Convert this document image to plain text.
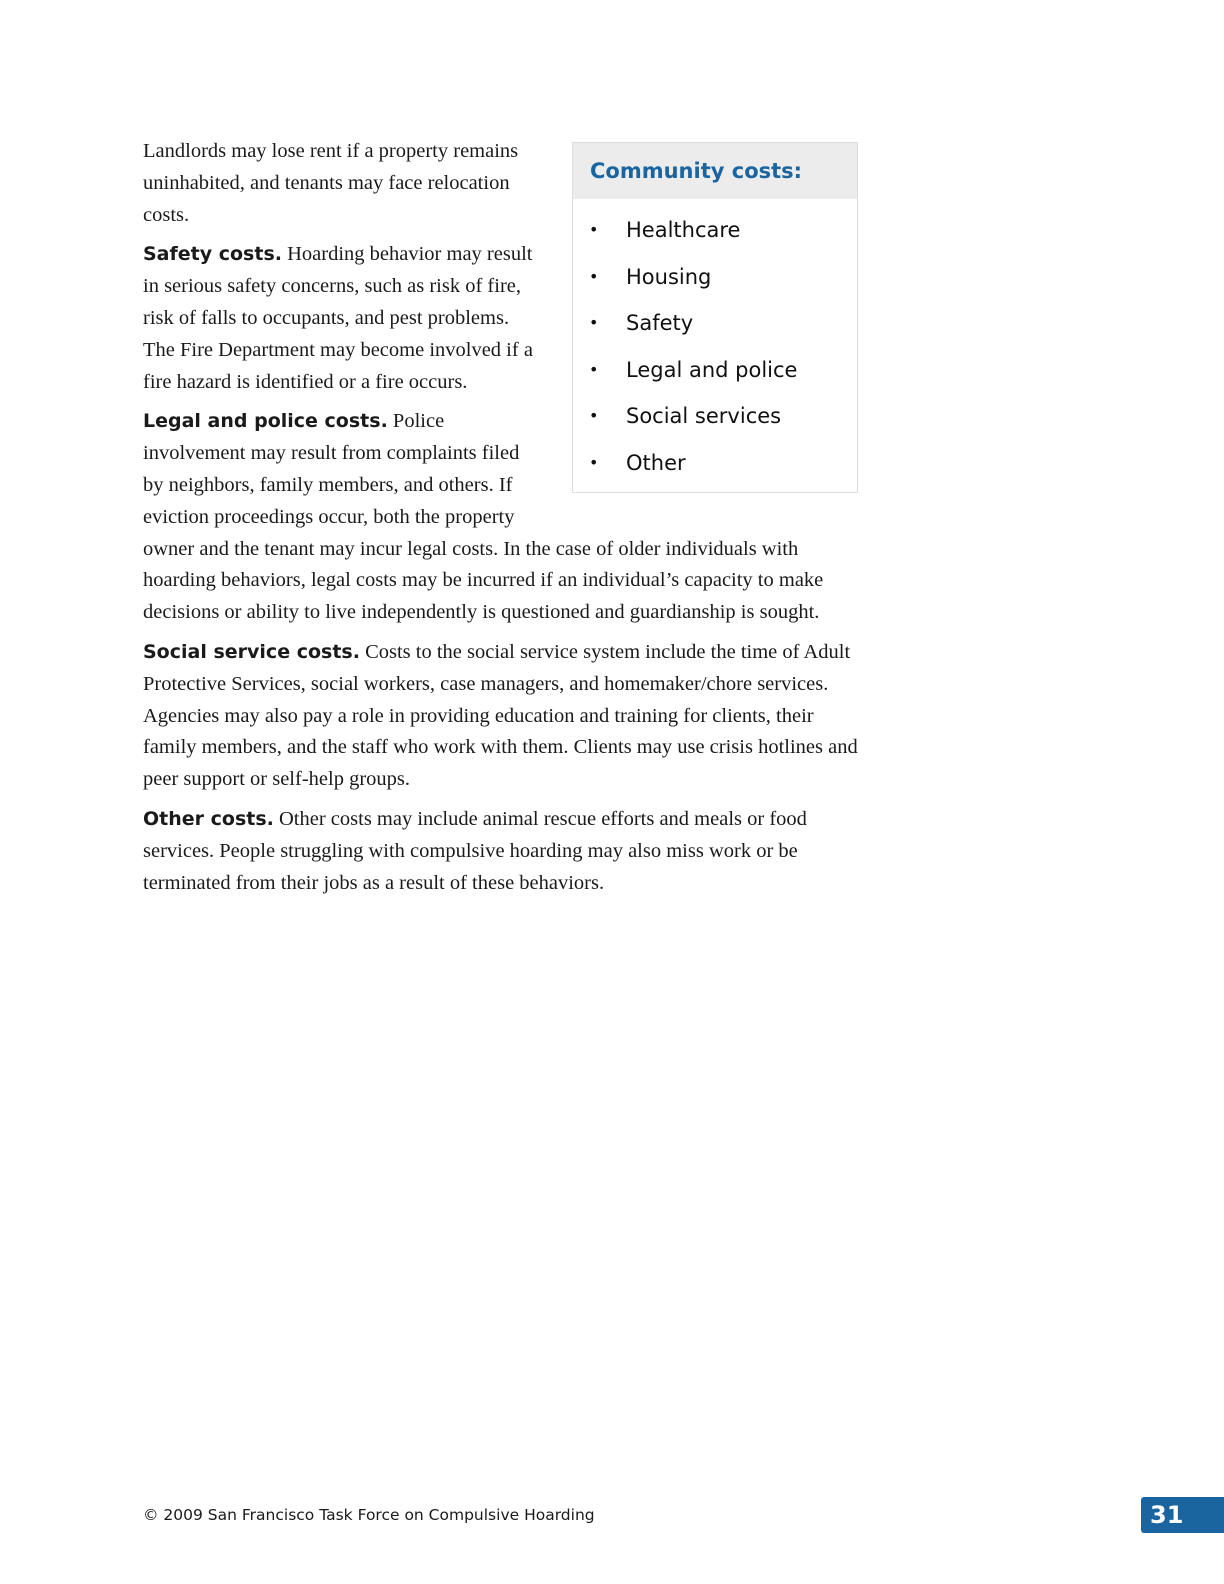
Community costs:
• Healthcare
• Housing
• Safety
• Legal and police
• Social services
• Other

Landlords may lose rent if a property remains uninhabited, and tenants may face relocation costs.

Safety costs. Hoarding behavior may result in serious safety concerns, such as risk of fire, risk of falls to occupants, and pest problems. The Fire Department may become involved if a fire hazard is identified or a fire occurs.

Legal and police costs. Police involvement may result from complaints filed by neighbors, family members, and others. If eviction proceedings occur, both the property owner and the tenant may incur legal costs. In the case of older individuals with hoarding behaviors, legal costs may be incurred if an individual’s capacity to make decisions or ability to live independently is questioned and guardianship is sought.

Social service costs. Costs to the social service system include the time of Adult Protective Services, social workers, case managers, and homemaker/chore services. Agencies may also pay a role in providing education and training for clients, their family members, and the staff who work with them. Clients may use crisis hotlines and peer support or self-help groups.

Other costs. Other costs may include animal rescue efforts and meals or food services. People struggling with compulsive hoarding may also miss work or be terminated from their jobs as a result of these behaviors.

© 2009 San Francisco Task Force on Compulsive Hoarding	31
